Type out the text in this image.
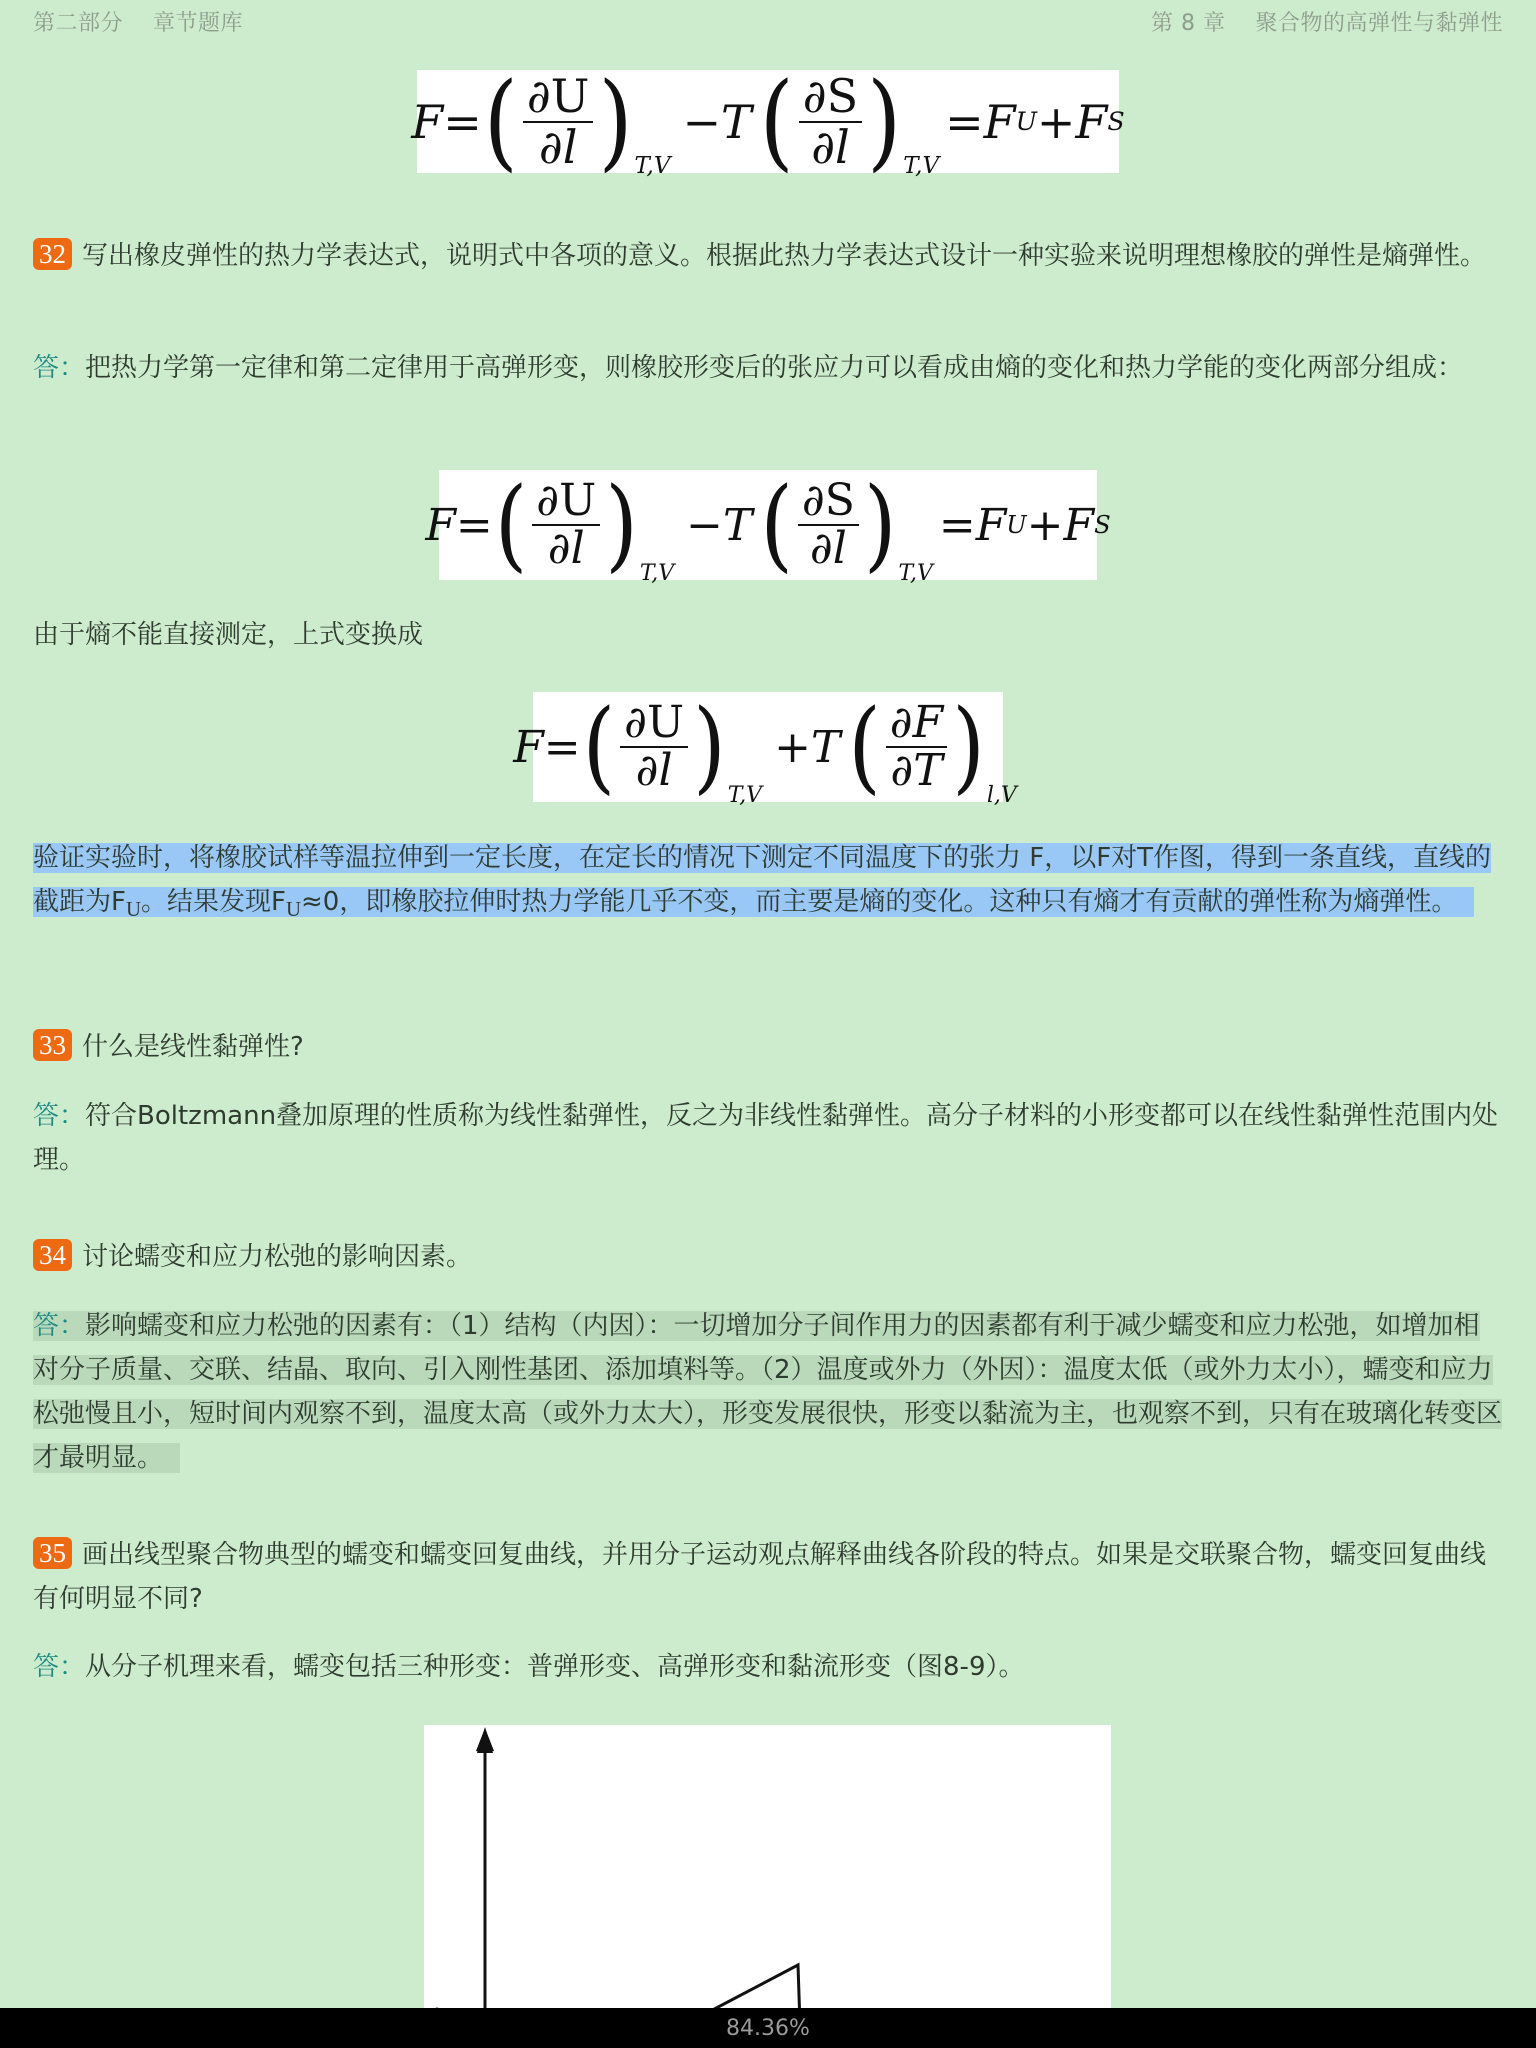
第二部分 章节题库	第 8 章 聚合物的高弹性与黏弹性
F= ( $\frac{\partial U}{\partial l}$ ) T,V
−T ( $\frac{\partial S}{\partial l}$ ) T,V
=F U +F S
32 写出橡皮弹性的热力学表达式，说明式中各项的意义。根据此热力学表达式设计一种实验来说明理想橡胶的弹性是熵弹性。
答：把热力学第一定律和第二定律用于高弹形变，则橡胶形变后的张应力可以看成由熵的变化和热力学能的变化两部分组成：
F= ( $\frac{\partial U}{\partial l}$ ) T,V
−T ( $\frac{\partial S}{\partial l}$ ) T,V
=F U +F S
由于熵不能直接测定，上式变换成
F= ( $\frac{\partial U}{\partial l}$ ) T,V
+T ( $\frac{\partial F}{\partial T}$ ) l,V
验证实验时，将橡胶试样等温拉伸到一定长度，在定长的情况下测定不同温度下的张力 F，以F对T作图，得到一条直线，直线的截距为$F_U$。结果发现$F_U\approx 0$，即橡胶拉伸时热力学能几乎不变，而主要是熵的变化。这种只有熵才有贡献的弹性称为熵弹性。
33 什么是线性黏弹性?
答：符合Boltzmann叠加原理的性质称为线性黏弹性，反之为非线性黏弹性。高分子材料的小形变都可以在线性黏弹性范围内处理。
34 讨论蠕变和应力松弛的影响因素。
答：影响蠕变和应力松弛的因素有：（1）结构（内因）：一切增加分子间作用力的因素都有利于减少蠕变和应力松弛，如增加相对分子质量、交联、结晶、取向、引入刚性基团、添加填料等。（2）温度或外力（外因）：温度太低（或外力太小），蠕变和应力松弛慢且小，短时间内观察不到，温度太高（或外力太大），形变发展很快，形变以黏流为主，也观察不到，只有在玻璃化转变区才最明显。
35 画出线型聚合物典型的蠕变和蠕变回复曲线，并用分子运动观点解释曲线各阶段的特点。如果是交联聚合物，蠕变回复曲线有何明显不同?
答：从分子机理来看，蠕变包括三种形变：普弹形变、高弹形变和黏流形变（图8-9）。
84.36%
